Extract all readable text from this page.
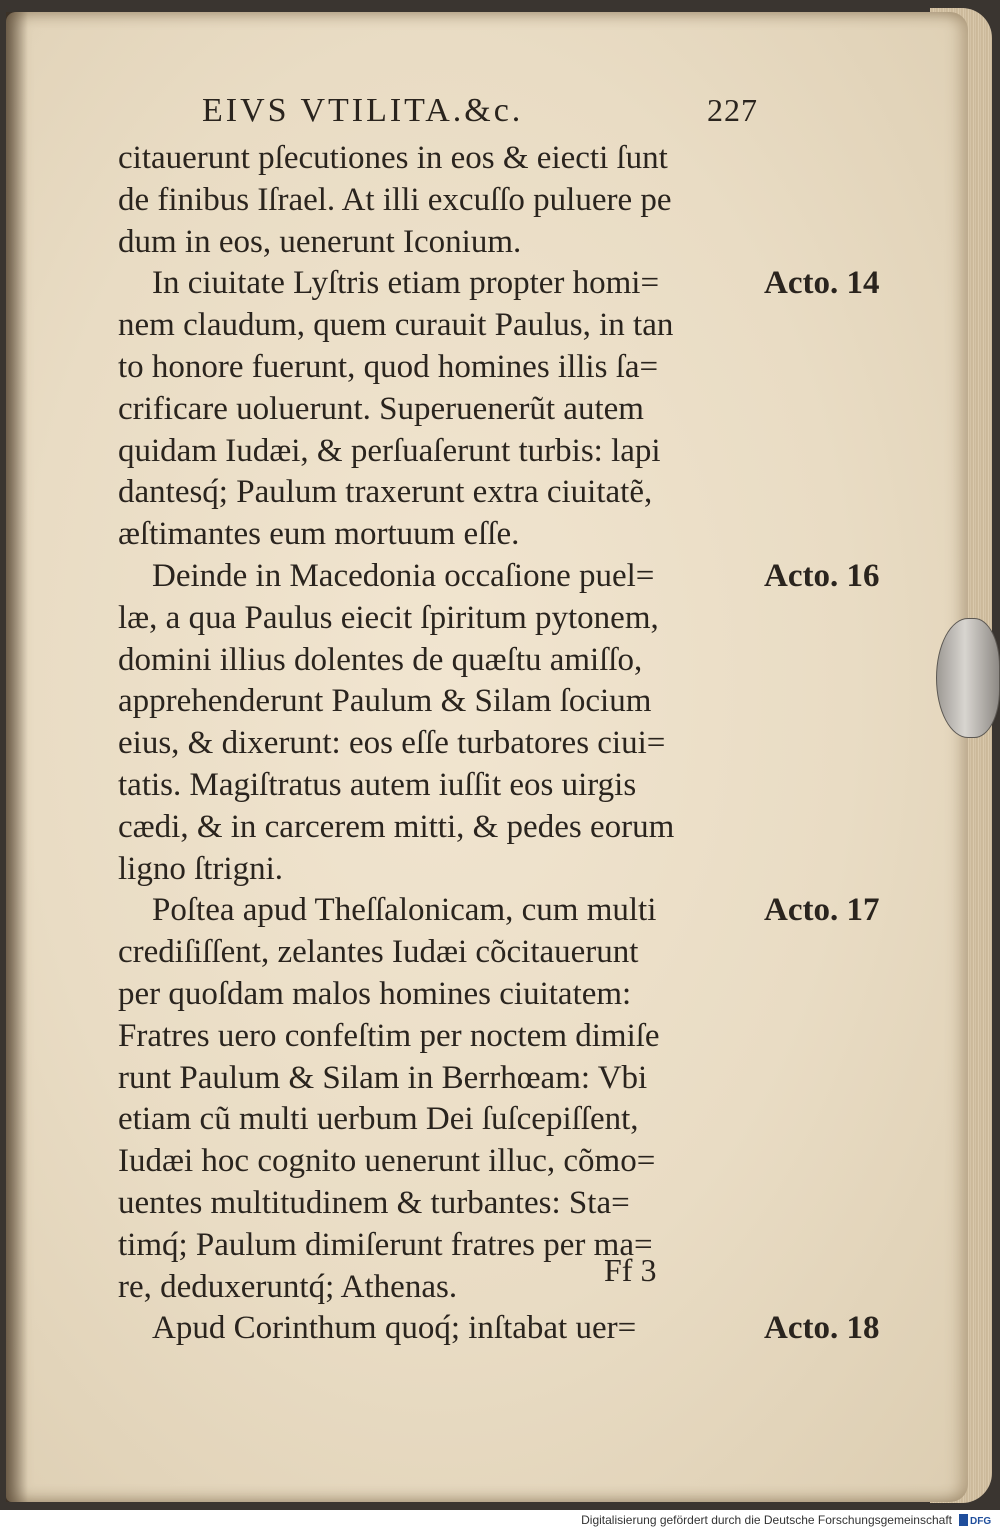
EIVS VTILITA.&c.	227
citauerunt pſecutiones in eos & eiecti ſunt
de finibus Iſrael. At illi excuſſo puluere pe
dum in eos, uenerunt Iconium.
In ciuitate Lyſtris etiam propter homi=
nem claudum, quem curauit Paulus, in tan
to honore fuerunt, quod homines illis ſa=
crificare uoluerunt. Superuenerũt autem
quidam Iudæi, & perſuaſerunt turbis: lapi
dantesq́; Paulum traxerunt extra ciuitatẽ,
æſtimantes eum mortuum eſſe.
Deinde in Macedonia occaſione puel=
læ, a qua Paulus eiecit ſpiritum pytonem,
domini illius dolentes de quæſtu amiſſo,
apprehenderunt Paulum & Silam ſocium
eius, & dixerunt: eos eſſe turbatores ciui=
tatis. Magiſtratus autem iuſſit eos uirgis
cædi, & in carcerem mitti, & pedes eorum
ligno ſtrigni.
Poſtea apud Theſſalonicam, cum multi
crediſiſſent, zelantes Iudæi cõcitauerunt
per quoſdam malos homines ciuitatem:
Fratres uero confeſtim per noctem dimiſe
runt Paulum & Silam in Berrhœam: Vbi
etiam cũ multi uerbum Dei ſuſcepiſſent,
Iudæi hoc cognito uenerunt illuc, cõmo=
uentes multitudinem & turbantes: Sta=
timq́; Paulum dimiſerunt fratres per ma=
re, deduxeruntq́; Athenas.
Apud Corinthum quoq́; inſtabat uer=
Acto. 14
Acto. 16
Acto. 17
Acto. 18
Ff 3
Digitalisierung gefördert durch die Deutsche Forschungsgemeinschaft DFG
